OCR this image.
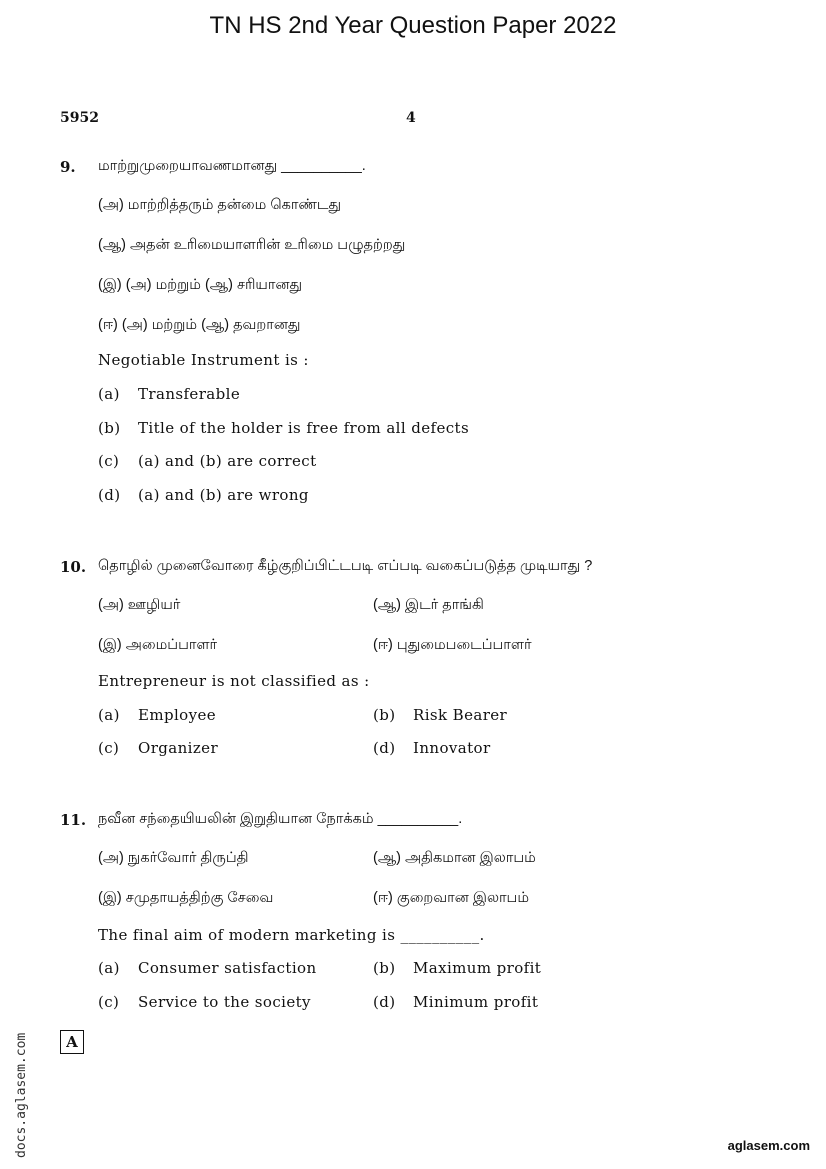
TN HS 2nd Year Question Paper 2022
5952	4
9. மாற்றுமுறையாவணமானது __________.
(அ) மாற்றித்தரும் தன்மை கொண்டது
(ஆ) அதன் உரிமையாளரின் உரிமை பழுதற்றது
(இ) (அ) மற்றும் (ஆ) சரியானது
(ஈ) (அ) மற்றும் (ஆ) தவறானது
Negotiable Instrument is :
(a) Transferable
(b) Title of the holder is free from all defects
(c) (a) and (b) are correct
(d) (a) and (b) are wrong
10. தொழில் முனைவோரை கீழ்குறிப்பிட்டபடி எப்படி வகைப்படுத்த முடியாது ?
(அ) ஊழியர்	(ஆ) இடர் தாங்கி
(இ) அமைப்பாளர்	(ஈ) புதுமைபடைப்பாளர்
Entrepreneur is not classified as :
(a) Employee	(b) Risk Bearer
(c) Organizer	(d) Innovator
11. நவீன சந்தையியலின் இறுதியான நோக்கம் __________.
(அ) நுகர்வோர் திருப்தி	(ஆ) அதிகமான இலாபம்
(இ) சமுதாயத்திற்கு சேவை	(ஈ) குறைவான இலாபம்
The final aim of modern marketing is __________.
(a) Consumer satisfaction	(b) Maximum profit
(c) Service to the society	(d) Minimum profit
docs.aglasem.com	A
aglasem.com
